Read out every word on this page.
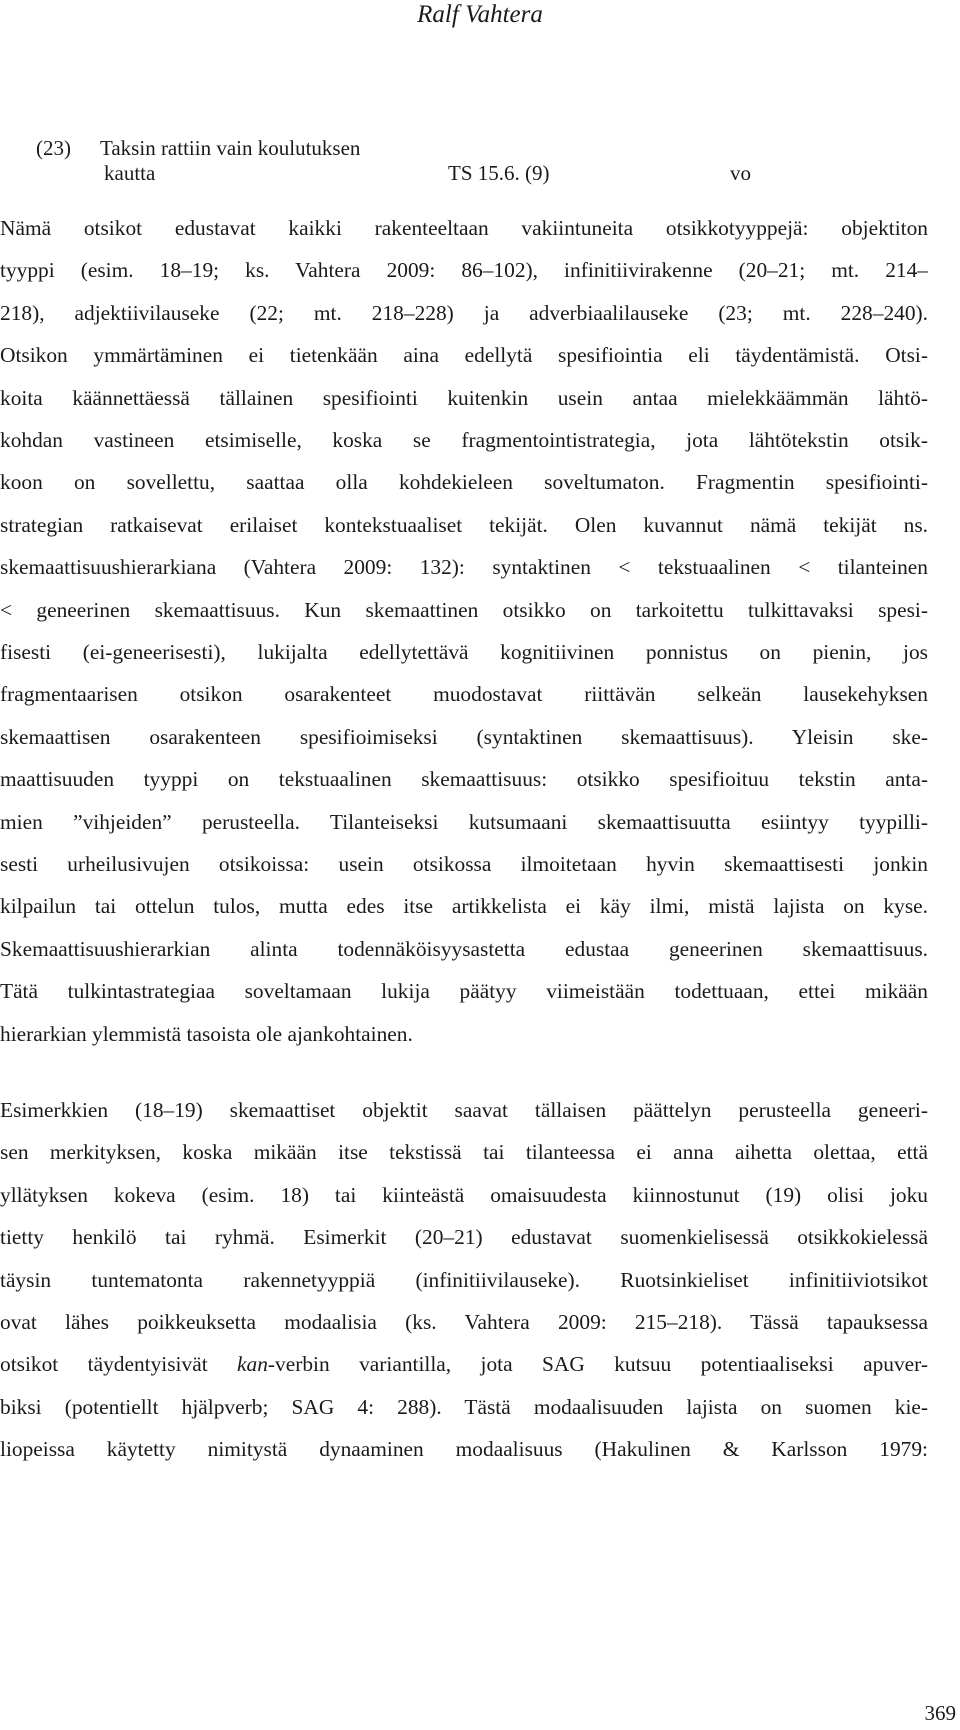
Ralf Vahtera
(23) Taksin rattiin vain koulutuksen
kautta	TS 15.6. (9)	vo
Nämä otsikot edustavat kaikki rakenteeltaan vakiintuneita otsikkotyyppejä: objektiton
tyyppi (esim. 18–19; ks. Vahtera 2009: 86–102), infinitiivirakenne (20–21; mt. 214–
218), adjektiivilauseke (22; mt. 218–228) ja adverbiaalilauseke (23; mt. 228–240).
Otsikon ymmärtäminen ei tietenkään aina edellytä spesifiointia eli täydentämistä. Otsi-
koita käännettäessä tällainen spesifiointi kuitenkin usein antaa mielekkäämmän lähtö-
kohdan vastineen etsimiselle, koska se fragmentointistrategia, jota lähtötekstin otsik-
koon on sovellettu, saattaa olla kohdekieleen soveltumaton. Fragmentin spesifiointi-
strategian ratkaisevat erilaiset kontekstuaaliset tekijät. Olen kuvannut nämä tekijät ns.
skemaattisuushierarkiana (Vahtera 2009: 132): syntaktinen < tekstuaalinen < tilanteinen
< geneerinen skemaattisuus. Kun skemaattinen otsikko on tarkoitettu tulkittavaksi spesi-
fisesti (ei-geneerisesti), lukijalta edellytettävä kognitiivinen ponnistus on pienin, jos
fragmentaarisen otsikon osarakenteet muodostavat riittävän selkeän lausekehyksen
skemaattisen osarakenteen spesifioimiseksi (syntaktinen skemaattisuus). Yleisin ske-
maattisuuden tyyppi on tekstuaalinen skemaattisuus: otsikko spesifioituu tekstin anta-
mien ”vihjeiden” perusteella. Tilanteiseksi kutsumaani skemaattisuutta esiintyy tyypilli-
sesti urheilusivujen otsikoissa: usein otsikossa ilmoitetaan hyvin skemaattisesti jonkin
kilpailun tai ottelun tulos, mutta edes itse artikkelista ei käy ilmi, mistä lajista on kyse.
Skemaattisuushierarkian alinta todennäköisyysastetta edustaa geneerinen skemaattisuus.
Tätä tulkintastrategiaa soveltamaan lukija päätyy viimeistään todettuaan, ettei mikään
hierarkian ylemmistä tasoista ole ajankohtainen.
Esimerkkien (18–19) skemaattiset objektit saavat tällaisen päättelyn perusteella geneeri-
sen merkityksen, koska mikään itse tekstissä tai tilanteessa ei anna aihetta olettaa, että
yllätyksen kokeva (esim. 18) tai kiinteästä omaisuudesta kiinnostunut (19) olisi joku
tietty henkilö tai ryhmä. Esimerkit (20–21) edustavat suomenkielisessä otsikkokielessä
täysin tuntematonta rakennetyyppiä (infinitiivilauseke). Ruotsinkieliset infinitiiviotsikot
ovat lähes poikkeuksetta modaalisia (ks. Vahtera 2009: 215–218). Tässä tapauksessa
otsikot täydentyisivät kan-verbin variantilla, jota SAG kutsuu potentiaaliseksi apuver-
biksi (potentiellt hjälpverb; SAG 4: 288). Tästä modaalisuuden lajista on suomen kie-
liopeissa käytetty nimitystä dynaaminen modaalisuus (Hakulinen & Karlsson 1979:
369
